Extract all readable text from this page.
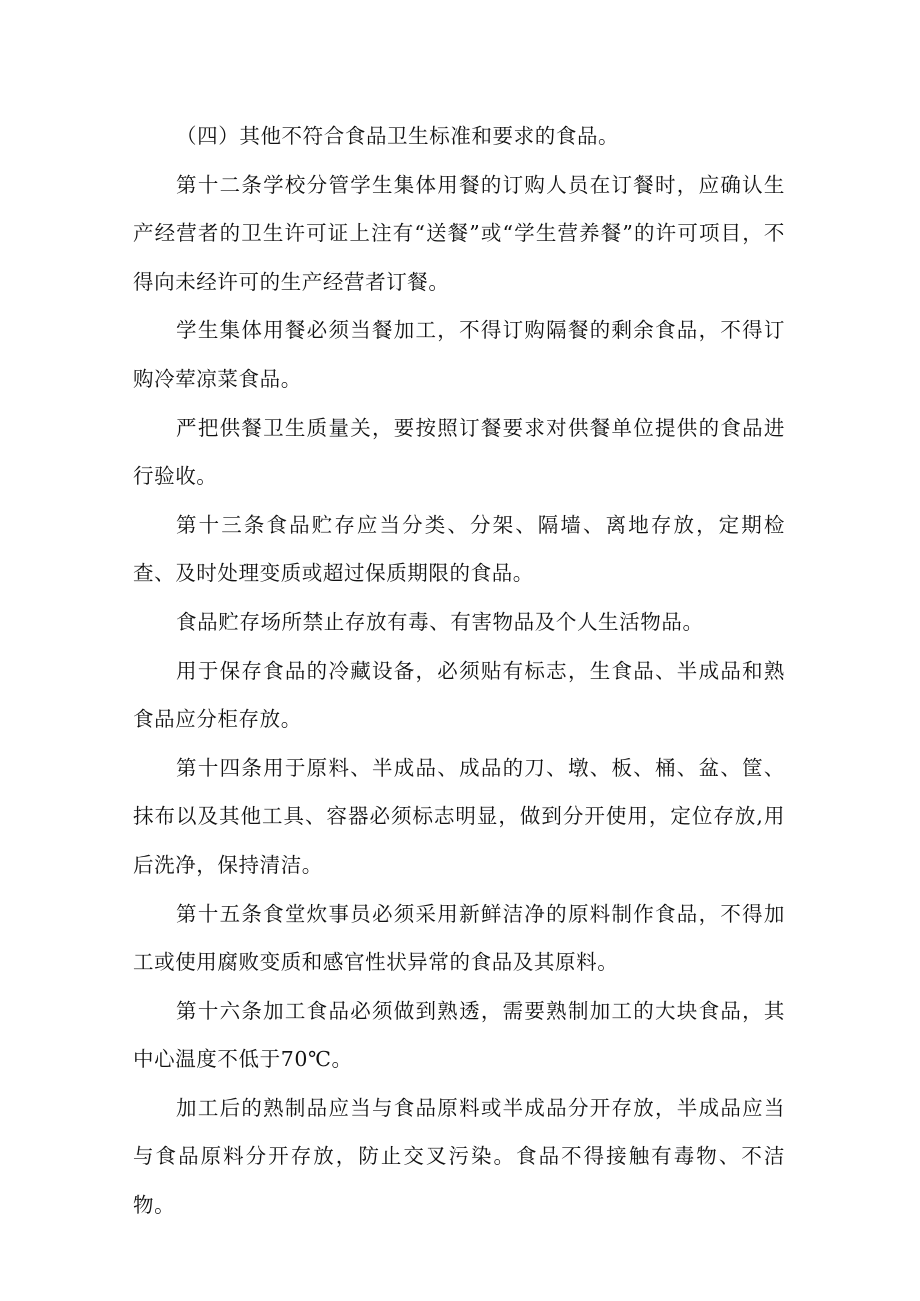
（四）其他不符合食品卫生标准和要求的食品。

第十二条学校分管学生集体用餐的订购人员在订餐时，应确认生产经营者的卫生许可证上注有“送餐”或“学生营养餐”的许可项目，不得向未经许可的生产经营者订餐。

学生集体用餐必须当餐加工，不得订购隔餐的剩余食品，不得订购冷荤凉菜食品。

严把供餐卫生质量关，要按照订餐要求对供餐单位提供的食品进行验收。

第十三条食品贮存应当分类、分架、隔墙、离地存放，定期检查、及时处理变质或超过保质期限的食品。

食品贮存场所禁止存放有毒、有害物品及个人生活物品。

用于保存食品的冷藏设备，必须贴有标志，生食品、半成品和熟食品应分柜存放。

第十四条用于原料、半成品、成品的刀、墩、板、桶、盆、筐、抹布以及其他工具、容器必须标志明显，做到分开使用，定位存放,用后洗净，保持清洁。

第十五条食堂炊事员必须采用新鲜洁净的原料制作食品，不得加工或使用腐败变质和感官性状异常的食品及其原料。

第十六条加工食品必须做到熟透，需要熟制加工的大块食品，其中心温度不低于70℃。

加工后的熟制品应当与食品原料或半成品分开存放，半成品应当与食品原料分开存放，防止交叉污染。食品不得接触有毒物、不洁物。
